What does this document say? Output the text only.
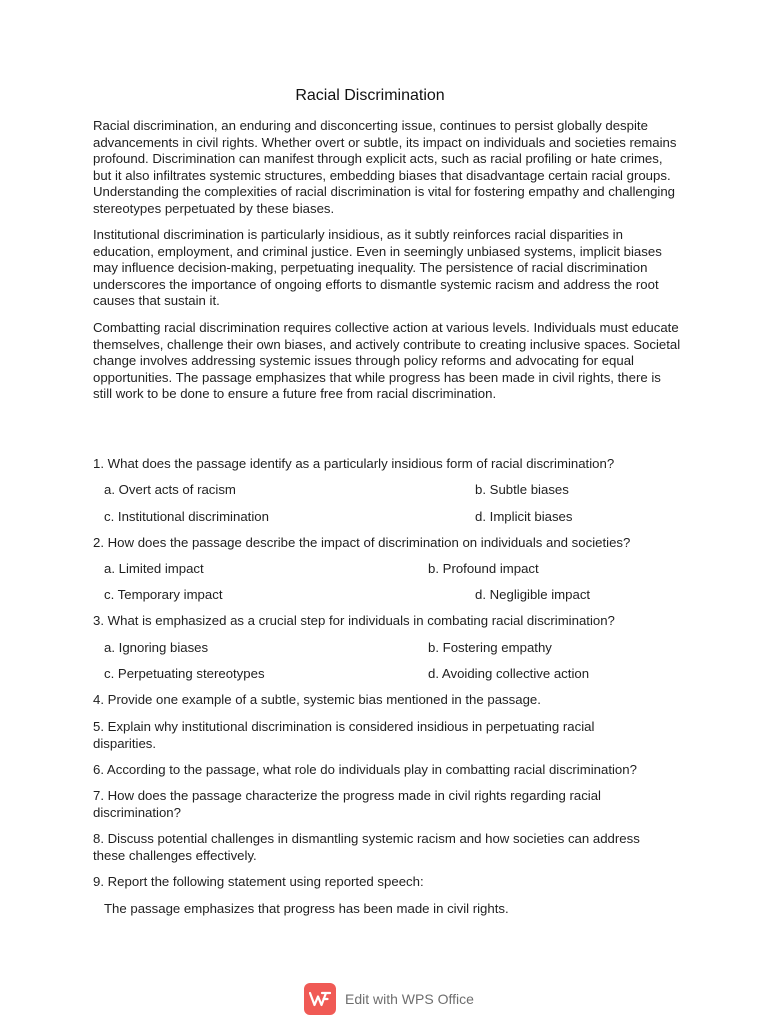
Racial Discrimination

Racial discrimination, an enduring and disconcerting issue, continues to persist globally despite advancements in civil rights. Whether overt or subtle, its impact on individuals and societies remains profound. Discrimination can manifest through explicit acts, such as racial profiling or hate crimes, but it also infiltrates systemic structures, embedding biases that disadvantage certain racial groups. Understanding the complexities of racial discrimination is vital for fostering empathy and challenging stereotypes perpetuated by these biases.

Institutional discrimination is particularly insidious, as it subtly reinforces racial disparities in education, employment, and criminal justice. Even in seemingly unbiased systems, implicit biases may influence decision-making, perpetuating inequality. The persistence of racial discrimination underscores the importance of ongoing efforts to dismantle systemic racism and address the root causes that sustain it.

Combatting racial discrimination requires collective action at various levels. Individuals must educate themselves, challenge their own biases, and actively contribute to creating inclusive spaces. Societal change involves addressing systemic issues through policy reforms and advocating for equal opportunities. The passage emphasizes that while progress has been made in civil rights, there is still work to be done to ensure a future free from racial discrimination.

1. What does the passage identify as a particularly insidious form of racial discrimination?

a. Overt acts of racism	b. Subtle biases
c. Institutional discrimination	d. Implicit biases

2. How does the passage describe the impact of discrimination on individuals and societies?

a. Limited impact	b. Profound impact
c. Temporary impact	d. Negligible impact

3. What is emphasized as a crucial step for individuals in combating racial discrimination?

a. Ignoring biases	b. Fostering empathy
c. Perpetuating stereotypes	d. Avoiding collective action

4. Provide one example of a subtle, systemic bias mentioned in the passage.

5. Explain why institutional discrimination is considered insidious in perpetuating racial disparities.

6. According to the passage, what role do individuals play in combatting racial discrimination?

7. How does the passage characterize the progress made in civil rights regarding racial discrimination?

8. Discuss potential challenges in dismantling systemic racism and how societies can address these challenges effectively.

9. Report the following statement using reported speech:

The passage emphasizes that progress has been made in civil rights.

Edit with WPS Office
